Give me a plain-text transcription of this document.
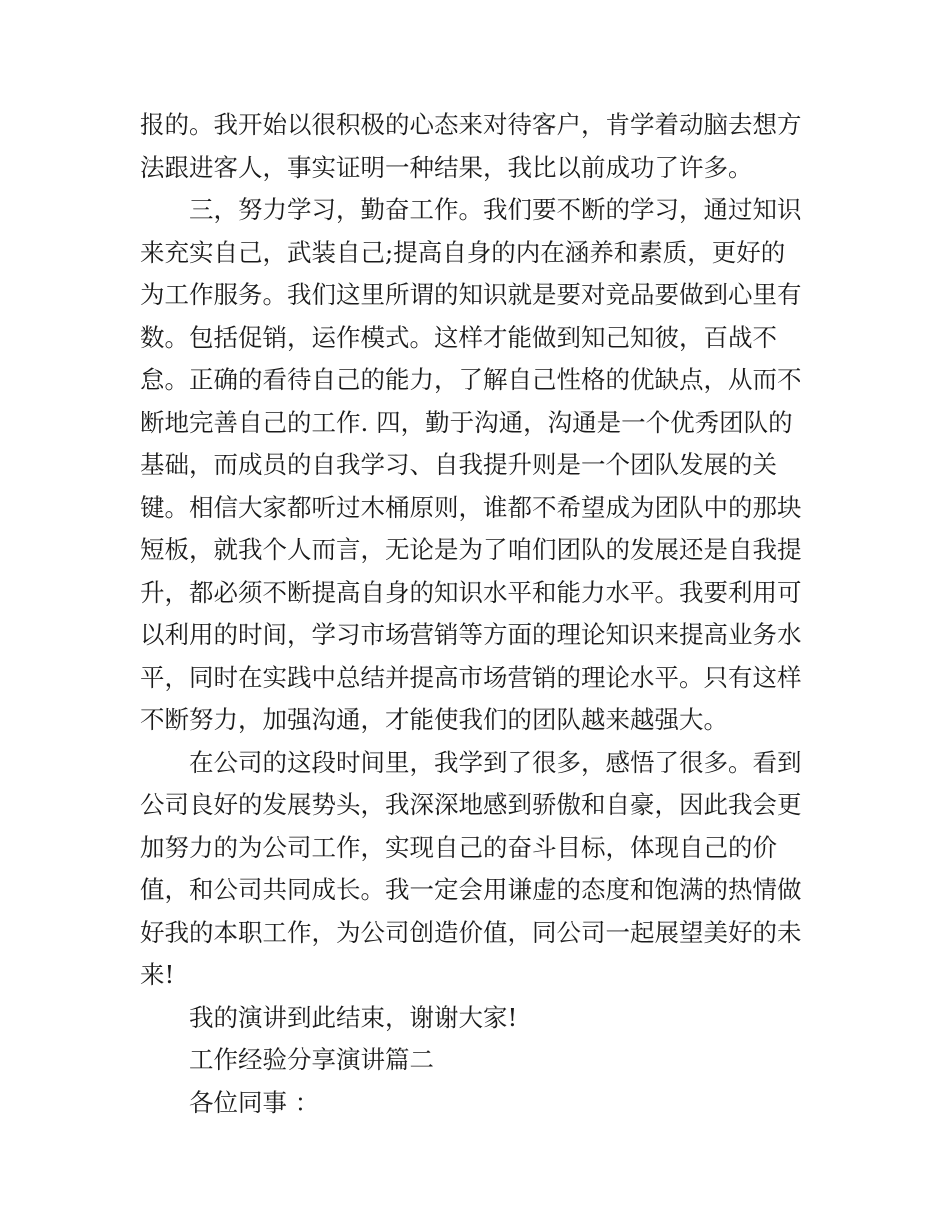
报的。我开始以很积极的心态来对待客户，肯学着动脑去想方
法跟进客人，事实证明一种结果，我比以前成功了许多。
三，努力学习，勤奋工作。我们要不断的学习，通过知识
来充实自己，武装自己;提高自身的内在涵养和素质，更好的
为工作服务。我们这里所谓的知识就是要对竞品要做到心里有
数。包括促销，运作模式。这样才能做到知己知彼，百战不
怠。正确的看待自己的能力，了解自己性格的优缺点，从而不
断地完善自己的工作. 四，勤于沟通，沟通是一个优秀团队的
基础，而成员的自我学习、自我提升则是一个团队发展的关
键。相信大家都听过木桶原则，谁都不希望成为团队中的那块
短板，就我个人而言，无论是为了咱们团队的发展还是自我提
升，都必须不断提高自身的知识水平和能力水平。我要利用可
以利用的时间，学习市场营销等方面的理论知识来提高业务水
平，同时在实践中总结并提高市场营销的理论水平。只有这样
不断努力，加强沟通，才能使我们的团队越来越强大。
在公司的这段时间里，我学到了很多，感悟了很多。看到
公司良好的发展势头，我深深地感到骄傲和自豪，因此我会更
加努力的为公司工作，实现自己的奋斗目标，体现自己的价
值，和公司共同成长。我一定会用谦虚的态度和饱满的热情做
好我的本职工作，为公司创造价值，同公司一起展望美好的未
来!
我的演讲到此结束，谢谢大家!
工作经验分享演讲篇二
各位同事 ：
